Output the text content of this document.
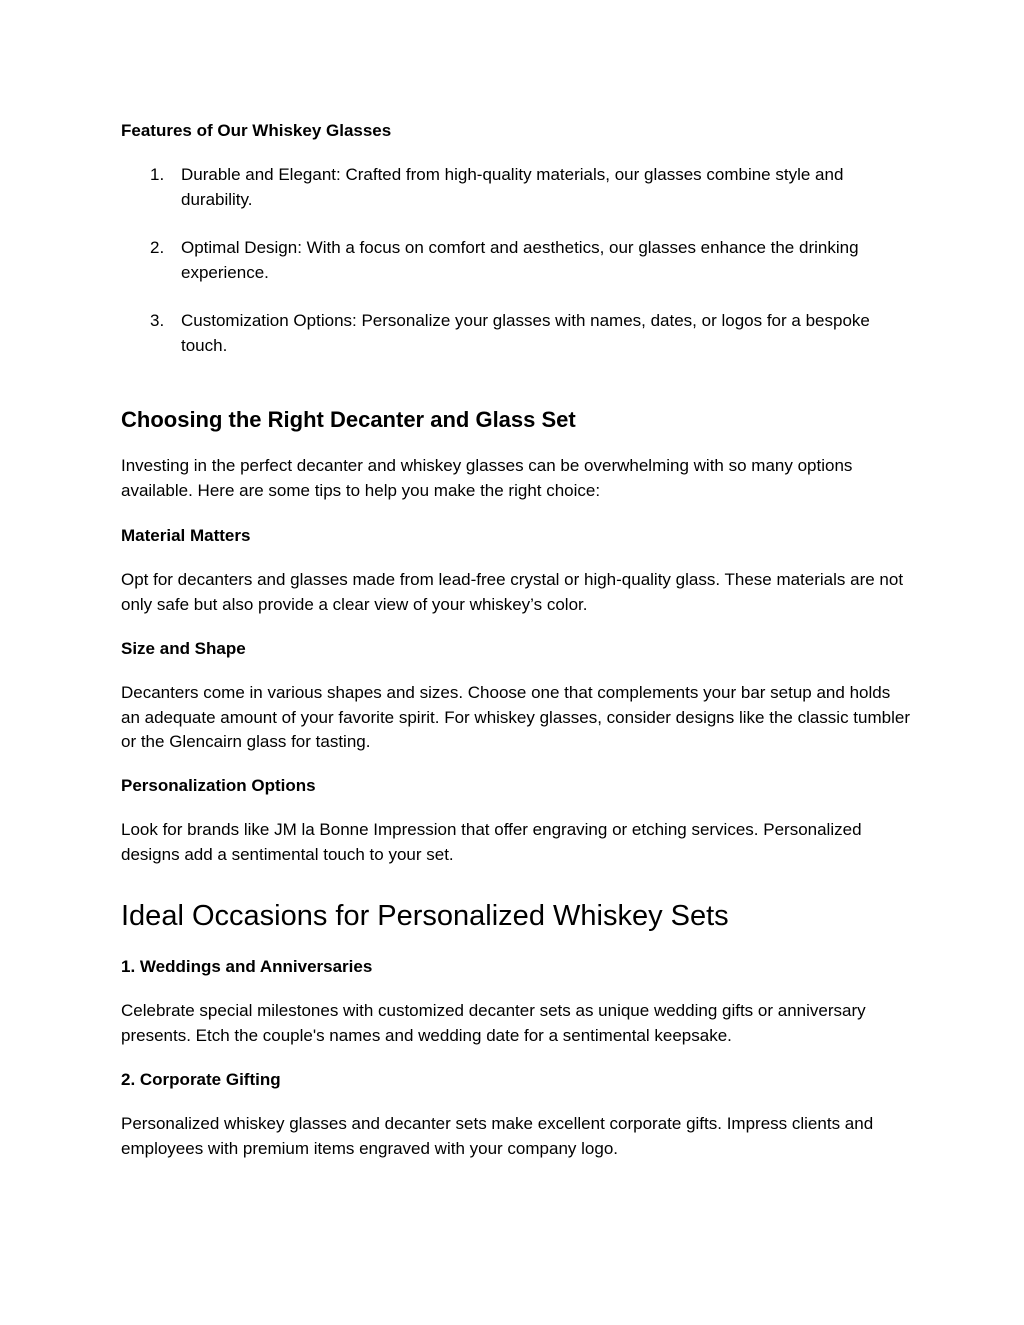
Features of Our Whiskey Glasses
1. Durable and Elegant: Crafted from high-quality materials, our glasses combine style and durability.
2. Optimal Design: With a focus on comfort and aesthetics, our glasses enhance the drinking experience.
3. Customization Options: Personalize your glasses with names, dates, or logos for a bespoke touch.
Choosing the Right Decanter and Glass Set

Investing in the perfect decanter and whiskey glasses can be overwhelming with so many options available. Here are some tips to help you make the right choice:

Material Matters

Opt for decanters and glasses made from lead-free crystal or high-quality glass. These materials are not only safe but also provide a clear view of your whiskey’s color.

Size and Shape

Decanters come in various shapes and sizes. Choose one that complements your bar setup and holds an adequate amount of your favorite spirit. For whiskey glasses, consider designs like the classic tumbler or the Glencairn glass for tasting.

Personalization Options

Look for brands like JM la Bonne Impression that offer engraving or etching services. Personalized designs add a sentimental touch to your set.

Ideal Occasions for Personalized Whiskey Sets
1. Weddings and Anniversaries

Celebrate special milestones with customized decanter sets as unique wedding gifts or anniversary presents. Etch the couple's names and wedding date for a sentimental keepsake.

2. Corporate Gifting

Personalized whiskey glasses and decanter sets make excellent corporate gifts. Impress clients and employees with premium items engraved with your company logo.
